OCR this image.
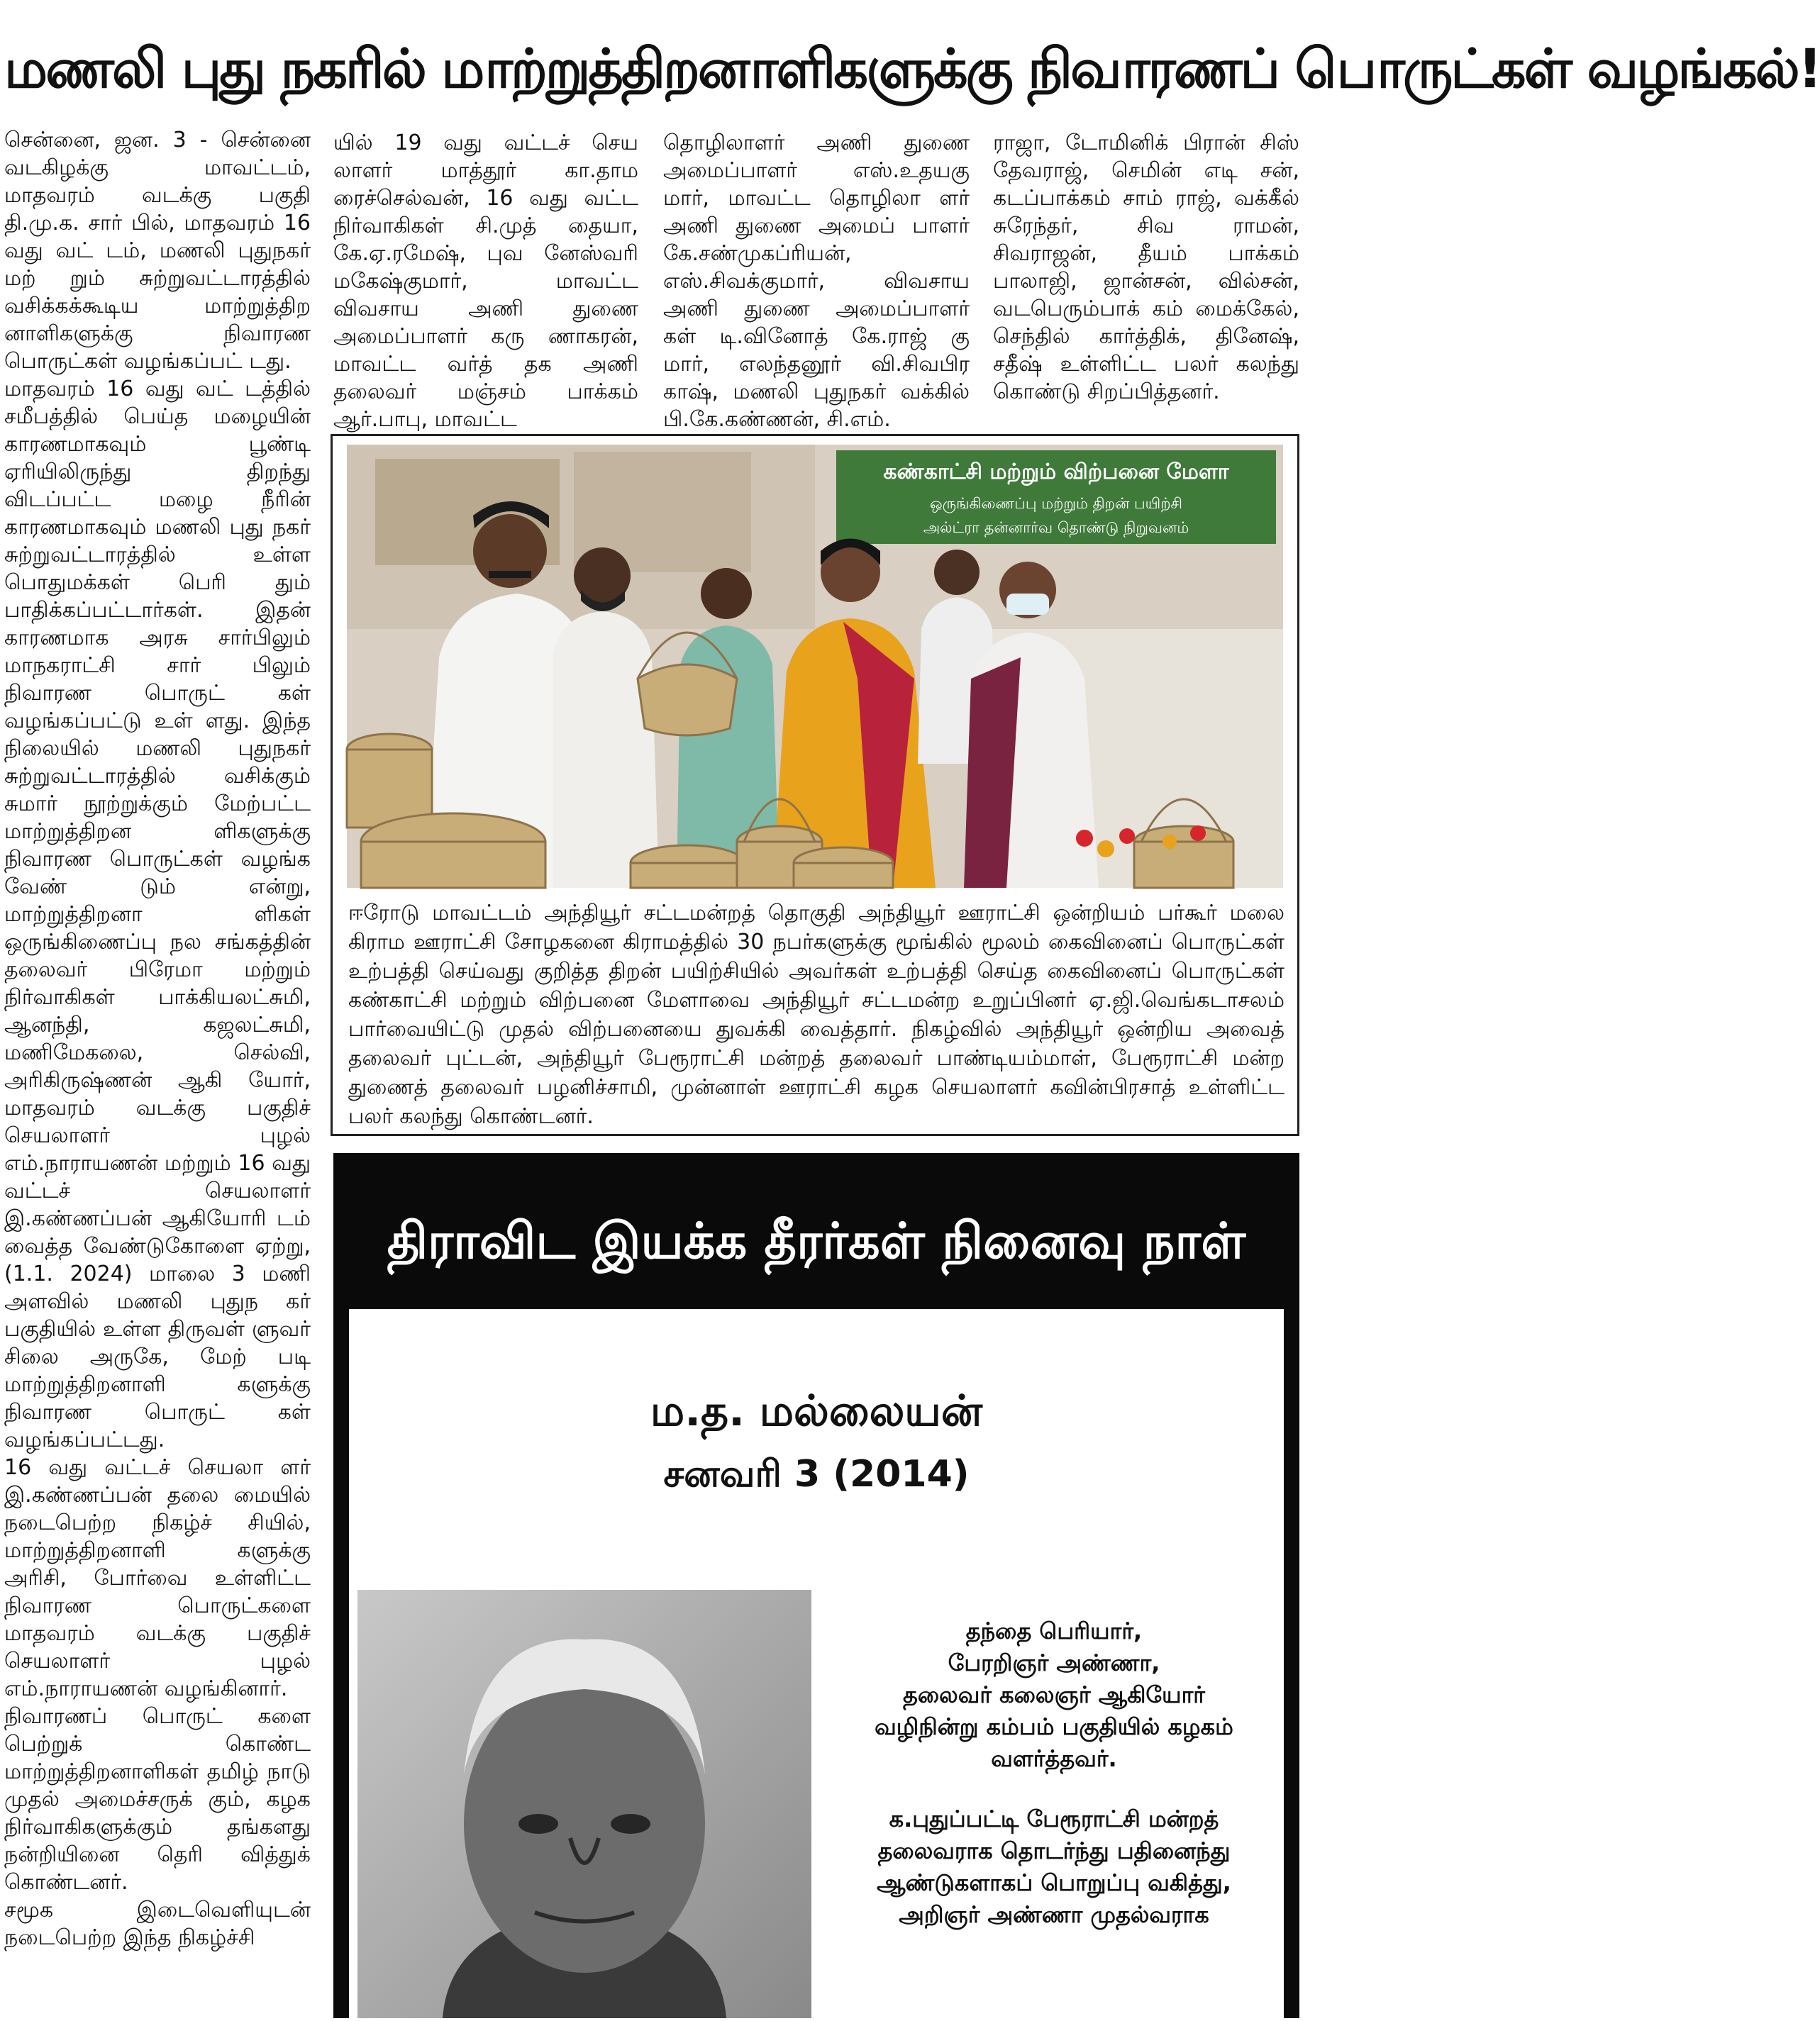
மணலி புது நகரில் மாற்றுத்திறனாளிகளுக்கு நிவாரணப் பொருட்கள் வழங்கல்!

சென்னை, ஜன. 3 - சென்னை வடகிழக்கு மாவட்டம், மாதவரம் வடக்கு பகுதி தி.மு.க. சார் பில், மாதவரம் 16 வது வட் டம், மணலி புதுநகர் மற் றும் சுற்றுவட்டாரத்தில் வசிக்கக்கூடிய மாற்றுத்திற னாளிகளுக்கு நிவாரண பொருட்கள் வழங்கப்பட் டது.

மாதவரம் 16 வது வட் டத்தில் சமீபத்தில் பெய்த மழையின் காரணமாகவும் பூண்டி ஏரியிலிருந்து திறந்து விடப்பட்ட மழை நீரின் காரணமாகவும் மணலி புது நகர் சுற்றுவட்டாரத்தில் உள்ள பொதுமக்கள் பெரி தும் பாதிக்கப்பட்டார்கள். இதன் காரணமாக அரசு சார்பிலும் மாநகராட்சி சார் பிலும் நிவாரண பொருட் கள் வழங்கப்பட்டு உள் ளது. இந்த நிலையில் மணலி புதுநகர் சுற்றுவட்டாரத்தில் வசிக்கும் சுமார் நூற்றுக்கும் மேற்பட்ட மாற்றுத்திறன ளிகளுக்கு நிவாரண பொருட்கள் வழங்க வேண் டும் என்று, மாற்றுத்திறனா ளிகள் ஒருங்கிணைப்பு நல சங்கத்தின் தலைவர் பிரேமா மற்றும் நிர்வாகிகள் பாக்கியலட்சுமி, ஆனந்தி, கஜலட்சுமி, மணிமேகலை, செல்வி, அரிகிருஷ்ணன் ஆகி யோர், மாதவரம் வடக்கு பகுதிச் செயலாளர் புழல் எம்.நாராயணன் மற்றும் 16 வது வட்டச் செயலாளர் இ.கண்ணப்பன் ஆகியோரி டம் வைத்த வேண்டுகோளை ஏற்று, (1.1. 2024) மாலை 3 மணி அளவில் மணலி புதுந கர் பகுதியில் உள்ள திருவள் ளுவர் சிலை அருகே, மேற் படி மாற்றுத்திறனாளி களுக்கு நிவாரண பொருட் கள் வழங்கப்பட்டது.

16 வது வட்டச் செயலா ளர் இ.கண்ணப்பன் தலை மையில் நடைபெற்ற நிகழ்ச் சியில், மாற்றுத்திறனாளி களுக்கு அரிசி, போர்வை உள்ளிட்ட நிவாரண பொருட்களை மாதவரம் வடக்கு பகுதிச் செயலாளர் புழல் எம்.நாராயணன் வழங்கினார்.

நிவாரணப் பொருட் களை பெற்றுக் கொண்ட மாற்றுத்திறனாளிகள் தமிழ் நாடு முதல் அமைச்சருக் கும், கழக நிர்வாகிகளுக்கும் தங்களது நன்றியினை தெரி வித்துக் கொண்டனர்.

சமூக இடைவெளியுடன் நடைபெற்ற இந்த நிகழ்ச்சி

யில் 19 வது வட்டச் செய லாளர் மாத்தூர் கா.தாம ரைச்செல்வன், 16 வது வட்ட நிர்வாகிகள் சி.முத் தையா, கே.ஏ.ரமேஷ், புவ னேஸ்வரி மகேஷ்குமார், மாவட்ட விவசாய அணி துணை அமைப்பாளர் கரு ணாகரன், மாவட்ட வர்த் தக அணி தலைவர் மஞ்சம் பாக்கம் ஆர்.பாபு, மாவட்ட

தொழிலாளர் அணி துணை அமைப்பாளர் எஸ்.உதயகு மார், மாவட்ட தொழிலா ளர் அணி துணை அமைப் பாளர் கே.சண்முகப்ரியன், எஸ்.சிவக்குமார், விவசாய அணி துணை அமைப்பாளர் கள் டி.வினோத் கே.ராஜ் கு மார், எலந்தனூர் வி.சிவபிர காஷ், மணலி புதுநகர் வக்கில் பி.கே.கண்ணன், சி.எம்.

ராஜா, டோமினிக் பிரான் சிஸ் தேவராஜ், செமின் எடி சன், கடப்பாக்கம் சாம் ராஜ், வக்கீல் சுரேந்தர், சிவ ராமன், சிவராஜன், தீயம் பாக்கம் பாலாஜி, ஜான்சன், வில்சன், வடபெரும்பாக் கம் மைக்கேல், செந்தில் கார்த்திக், தினேஷ், சதீஷ் உள்ளிட்ட பலர் கலந்து கொண்டு சிறப்பித்தனர்.

கண்காட்சி மற்றும் விற்பனை மேளா
ஒருங்கிணைப்பு மற்றும் திறன் பயிற்சி
அல்ட்ரா தன்னார்வ தொண்டு நிறுவனம்
ஈரோடு மாவட்டம் அந்தியூர் சட்டமன்றத் தொகுதி அந்தியூர் ஊராட்சி ஒன்றியம் பர்கூர் மலை கிராம ஊராட்சி சோழகனை கிராமத்தில் 30 நபர்களுக்கு மூங்கில் மூலம் கைவினைப் பொருட்கள் உற்பத்தி செய்வது குறித்த திறன் பயிற்சியில் அவர்கள் உற்பத்தி செய்த கைவினைப் பொருட்கள் கண்காட்சி மற்றும் விற்பனை மேளாவை அந்தியூர் சட்டமன்ற உறுப்பினர் ஏ.ஜி.வெங்கடாசலம் பார்வையிட்டு முதல் விற்பனையை துவக்கி வைத்தார். நிகழ்வில் அந்தியூர் ஒன்றிய அவைத் தலைவர் புட்டன், அந்தியூர் பேரூராட்சி மன்றத் தலைவர் பாண்டியம்மாள், பேரூராட்சி மன்ற துணைத் தலைவர் பழனிச்சாமி, முன்னாள் ஊராட்சி கழக செயலாளர் கவின்பிரசாத் உள்ளிட்ட பலர் கலந்து கொண்டனர்.
திராவிட இயக்க தீரர்கள் நினைவு நாள்
ம.த. மல்லையன்
சனவரி 3 (2014)
தந்தை பெரியார்,
பேரறிஞர் அண்ணா,
தலைவர் கலைஞர் ஆகியோர்
வழிநின்று கம்பம் பகுதியில் கழகம்
வளர்த்தவர்.
க.புதுப்பட்டி பேரூராட்சி மன்றத்
தலைவராக தொடர்ந்து பதினைந்து
ஆண்டுகளாகப் பொறுப்பு வகித்து,
அறிஞர் அண்ணா முதல்வராக
